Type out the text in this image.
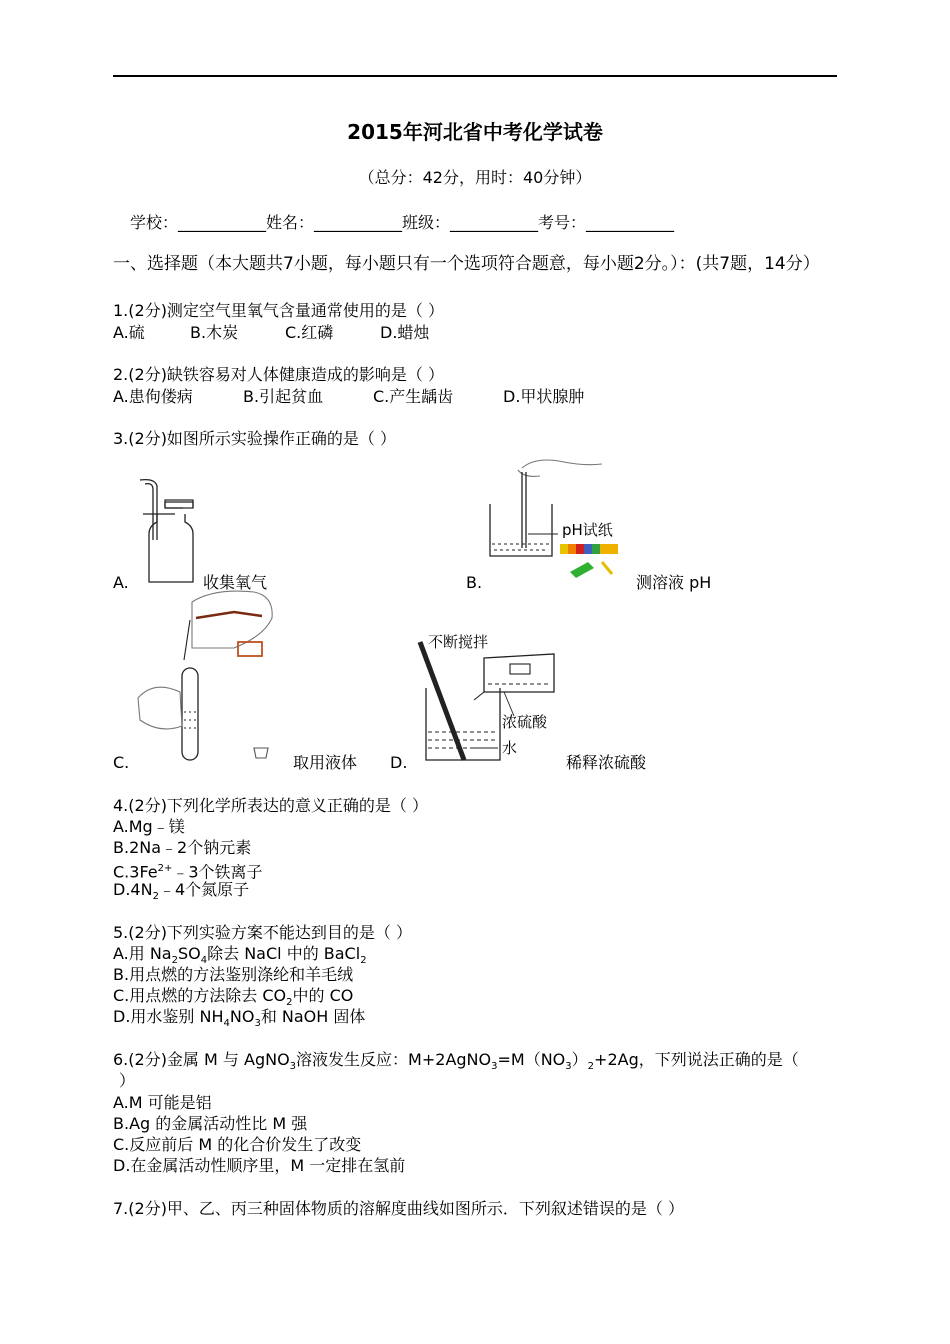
2015年河北省中考化学试卷
（总分：42分，用时：40分钟）
学校：___________姓名：___________班级：___________考号：___________
一、选择题（本大题共7小题，每小题只有一个选项符合题意，每小题2分。）：(共7题，14分）
1.(2分)测定空气里氧气含量通常使用的是（ ）
A.硫	B.木炭	C.红磷	D.蜡烛
2.(2分)缺铁容易对人体健康造成的影响是（ ）
A.患佝偻病	B.引起贫血	C.产生龋齿	D.甲状腺肿
3.(2分)如图所示实验操作正确的是（ ）
A.	收集氧气
pH试纸
B.	测溶液 pH
C.	取用液体
不断搅拌
浓硫酸
水
D.	稀释浓硫酸
4.(2分)下列化学所表达的意义正确的是（ ）
A.Mg﹣镁
B.2Na﹣2个钠元素
$C.3Fe^{2+}﹣3$个铁离子
$D.4N_2﹣4$个氮原子
5.(2分)下列实验方案不能达到目的是（ ）
A.用 $Na_2SO_4$除去 NaCl 中的 BaCl$_2$
B.用点燃的方法鉴别涤纶和羊毛绒
C.用点燃的方法除去 $CO_2$中的 CO
D.用水鉴别 $NH_4NO_3$和 NaOH 固体
6.(2分)金属 M 与 AgNO$_3$溶液发生反应：$M+2AgNO_3=M(NO_3)_2+2Ag$，下列说法正确的是（
）
A.M 可能是铝
B.Ag 的金属活动性比 M 强
C.反应前后 M 的化合价发生了改变
D.在金属活动性顺序里，M 一定排在氢前
7.(2分)甲、乙、丙三种固体物质的溶解度曲线如图所示．下列叙述错误的是（ ）
